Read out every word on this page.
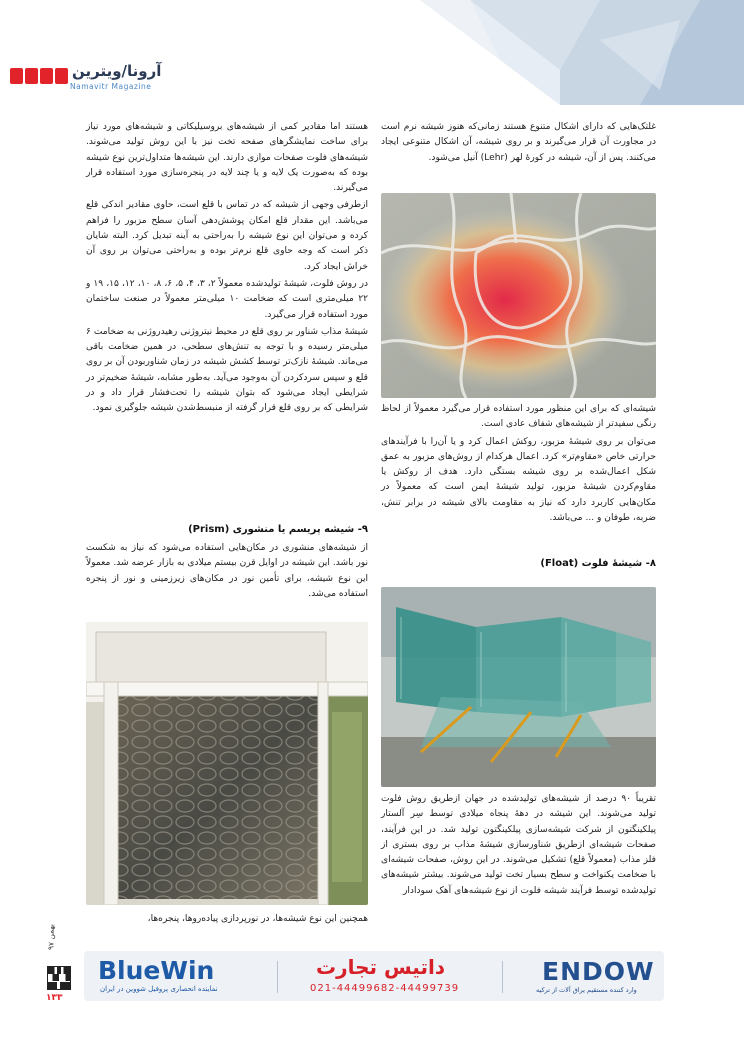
آرونا/ویترین
Namavitr Magazine

غلتک‌هایی که دارای اشکال متنوع هستند زمانی‌که هنوز شیشه نرم است در مجاورت آن قرار می‌گیرند و بر روی شیشه، آن اشکال متنوعی ایجاد می‌کنند. پس از آن، شیشه در کورهٔ لهر (Lehr) آنیل می‌شود.

شیشه‌ای که برای این منظور مورد استفاده قرار می‌گیرد معمولاً از لحاظ رنگی سفیدتر از شیشه‌های شفاف عادی است.

می‌توان بر روی شیشهٔ مزبور، روکش اعمال کرد و یا آن‌را با فرآیندهای حرارتی خاص «مقاوم‌تر» کرد. اعمال هرکدام از روش‌های مزبور به عمق شکل اعمال‌شده بر روی شیشه بستگی دارد. هدف از روکش یا مقاوم‌کردن شیشهٔ مزبور، تولید شیشهٔ ایمن است که معمولاً در مکان‌هایی کاربرد دارد که نیاز به مقاومت بالای شیشه در برابر تنش، ضربه، طوفان و ... می‌باشد.

۸- شیشهٔ فلوت (Float)

تقریباً ۹۰ درصد از شیشه‌های تولیدشده در جهان ازطریق روش فلوت تولید می‌شوند. این شیشه در دههٔ پنجاه میلادی توسط سِر آلستار پیلکینگتون از شرکت شیشه‌سازی پیلکینگتون تولید شد. در این فرآیند، صفحات شیشه‌ای ازطریق شناورسازی شیشهٔ مذاب بر روی بستری از فلز مذاب (معمولاً قلع) تشکیل می‌شوند. در این روش، صفحات شیشه‌ای با ضخامت یکنواخت و سطح بسیار تخت تولید می‌شوند. بیشتر شیشه‌های تولیدشده توسط فرآیند شیشه فلوت از نوع شیشه‌های آهک سودادار

هستند اما مقادیر کمی از شیشه‌های بروسیلیکاتی و شیشه‌های مورد نیاز برای ساخت نمایشگرهای صفحه تخت نیز با این روش تولید می‌شوند. شیشه‌های فلوت صفحات موازی دارند. این شیشه‌ها متداول‌ترین نوع شیشه بوده که به‌صورت یک لایه و یا چند لایه در پنجره‌سازی مورد استفاده قرار می‌گیرند.

ازطرفی وجهی از شیشه که در تماس با قلع است، حاوی مقادیر اندکی قلع می‌باشد. این مقدار قلع امکان پوشش‌دهی آسان سطح مزبور را فراهم کرده و می‌توان این نوع شیشه را به‌راحتی به آینه تبدیل کرد. البته شایان ذکر است که وجه حاوی قلع نرم‌تر بوده و به‌راحتی می‌توان بر روی آن خراش ایجاد کرد.

در روش فلوت، شیشهٔ تولیدشده معمولاً ۲، ۳، ۴، ۵، ۶، ۸، ۱۰، ۱۲، ۱۵، ۱۹ و ۲۲ میلی‌متری است که ضخامت ۱۰ میلی‌متر معمولاً در صنعت ساختمان مورد استفاده قرار می‌گیرد.

شیشهٔ مذاب شناور بر روی قلع در محیط نیتروژنی رهیدروژنی به ضخامت ۶ میلی‌متر رسیده و با توجه به تنش‌های سطحی، در همین ضخامت باقی می‌ماند. شیشهٔ نازک‌تر توسط کشش شیشه در زمان شناوربودن آن بر روی قلع و سپس سردکردن آن به‌وجود می‌آید. به‌طور مشابه، شیشهٔ ضخیم‌تر در شرایطی ایجاد می‌شود که بتوان شیشه را تحت‌فشار قرار داد و در شرایطی که بر روی قلع قرار گرفته از منبسط‌شدن شیشه جلوگیری نمود.

۹- شیشه پریسم یا منشوری (Prism)

از شیشه‌های منشوری در مکان‌هایی استفاده می‌شود که نیاز به شکست نور باشد. این شیشه در اوایل قرن بیستم میلادی به بازار عرضه شد. معمولاً این نوع شیشه، برای تأمین نور در مکان‌های زیرزمینی و نور از پنجره استفاده می‌شد.

همچنین این نوع شیشه‌ها، در نورپردازی پیاده‌روها، پنجره‌ها،

بهمن ۹۷
۱۳۳
BlueWin
نماینده انحصاری پروفیل شووین در ایران
داتیس تجارت
021-44499682-44499739
ENDOW
وارد کننده مستقیم یراق آلات از ترکیه
